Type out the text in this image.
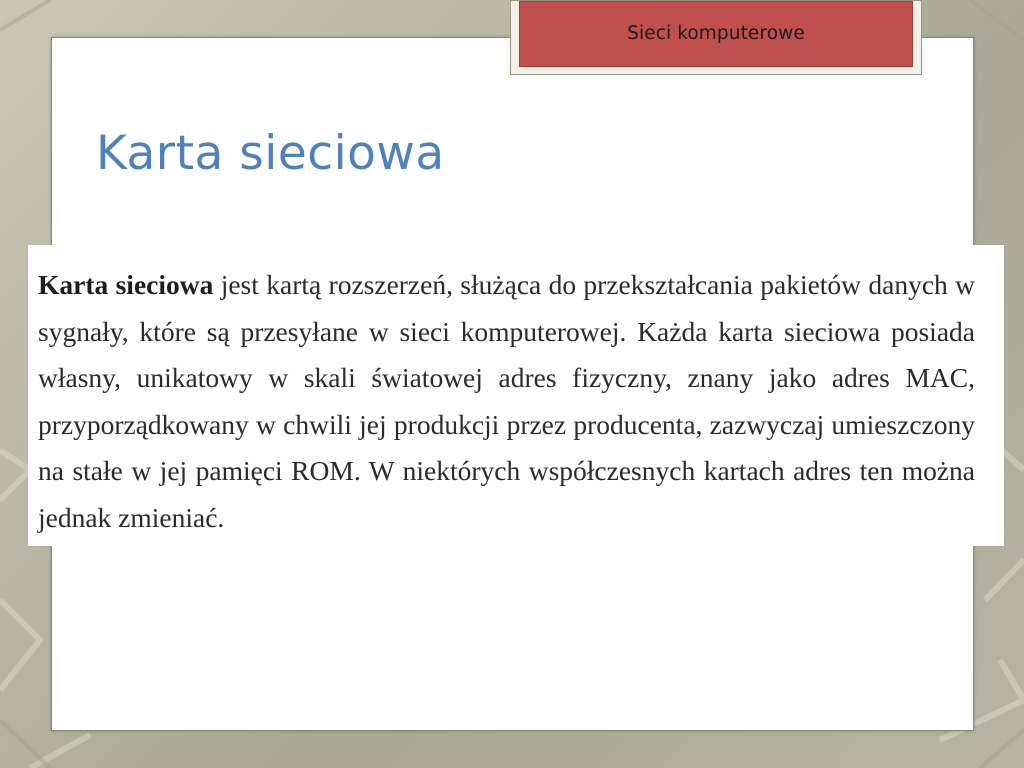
Sieci komputerowe
Karta sieciowa

Karta sieciowa jest kartą rozszerzeń, służąca do przekształcania pakietów danych w sygnały, które są przesyłane w sieci komputerowej. Każda karta sieciowa posiada własny, unikatowy w skali światowej adres fizyczny, znany jako adres MAC, przyporządkowany w chwili jej produkcji przez producenta, zazwyczaj umieszczony na stałe w jej pamięci ROM. W niektórych współczesnych kartach adres ten można jednak zmieniać.
